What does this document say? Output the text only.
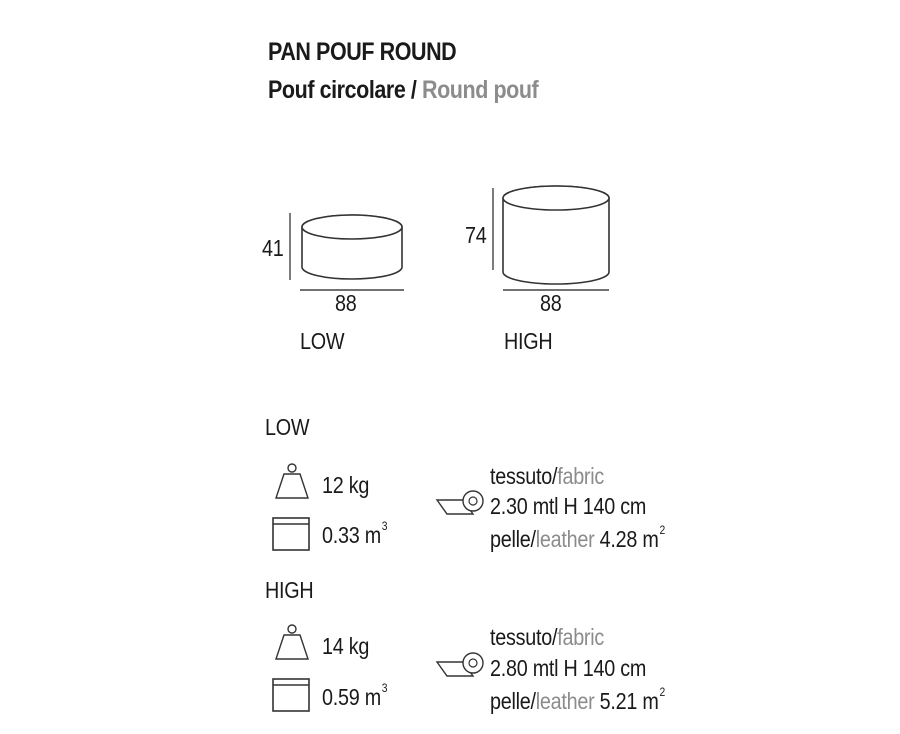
PAN POUF ROUND
Pouf circolare / Round pouf
41
88
LOW
74
88
HIGH
LOW
12 kg
0.33 $m^3$
tessuto/fabric
2.30 mtl H 140 cm
pelle/leather 4.28 $m^2$
HIGH
14 kg
0.59 $m^3$
tessuto/fabric
2.80 mtl H 140 cm
pelle/leather 5.21 $m^2$
